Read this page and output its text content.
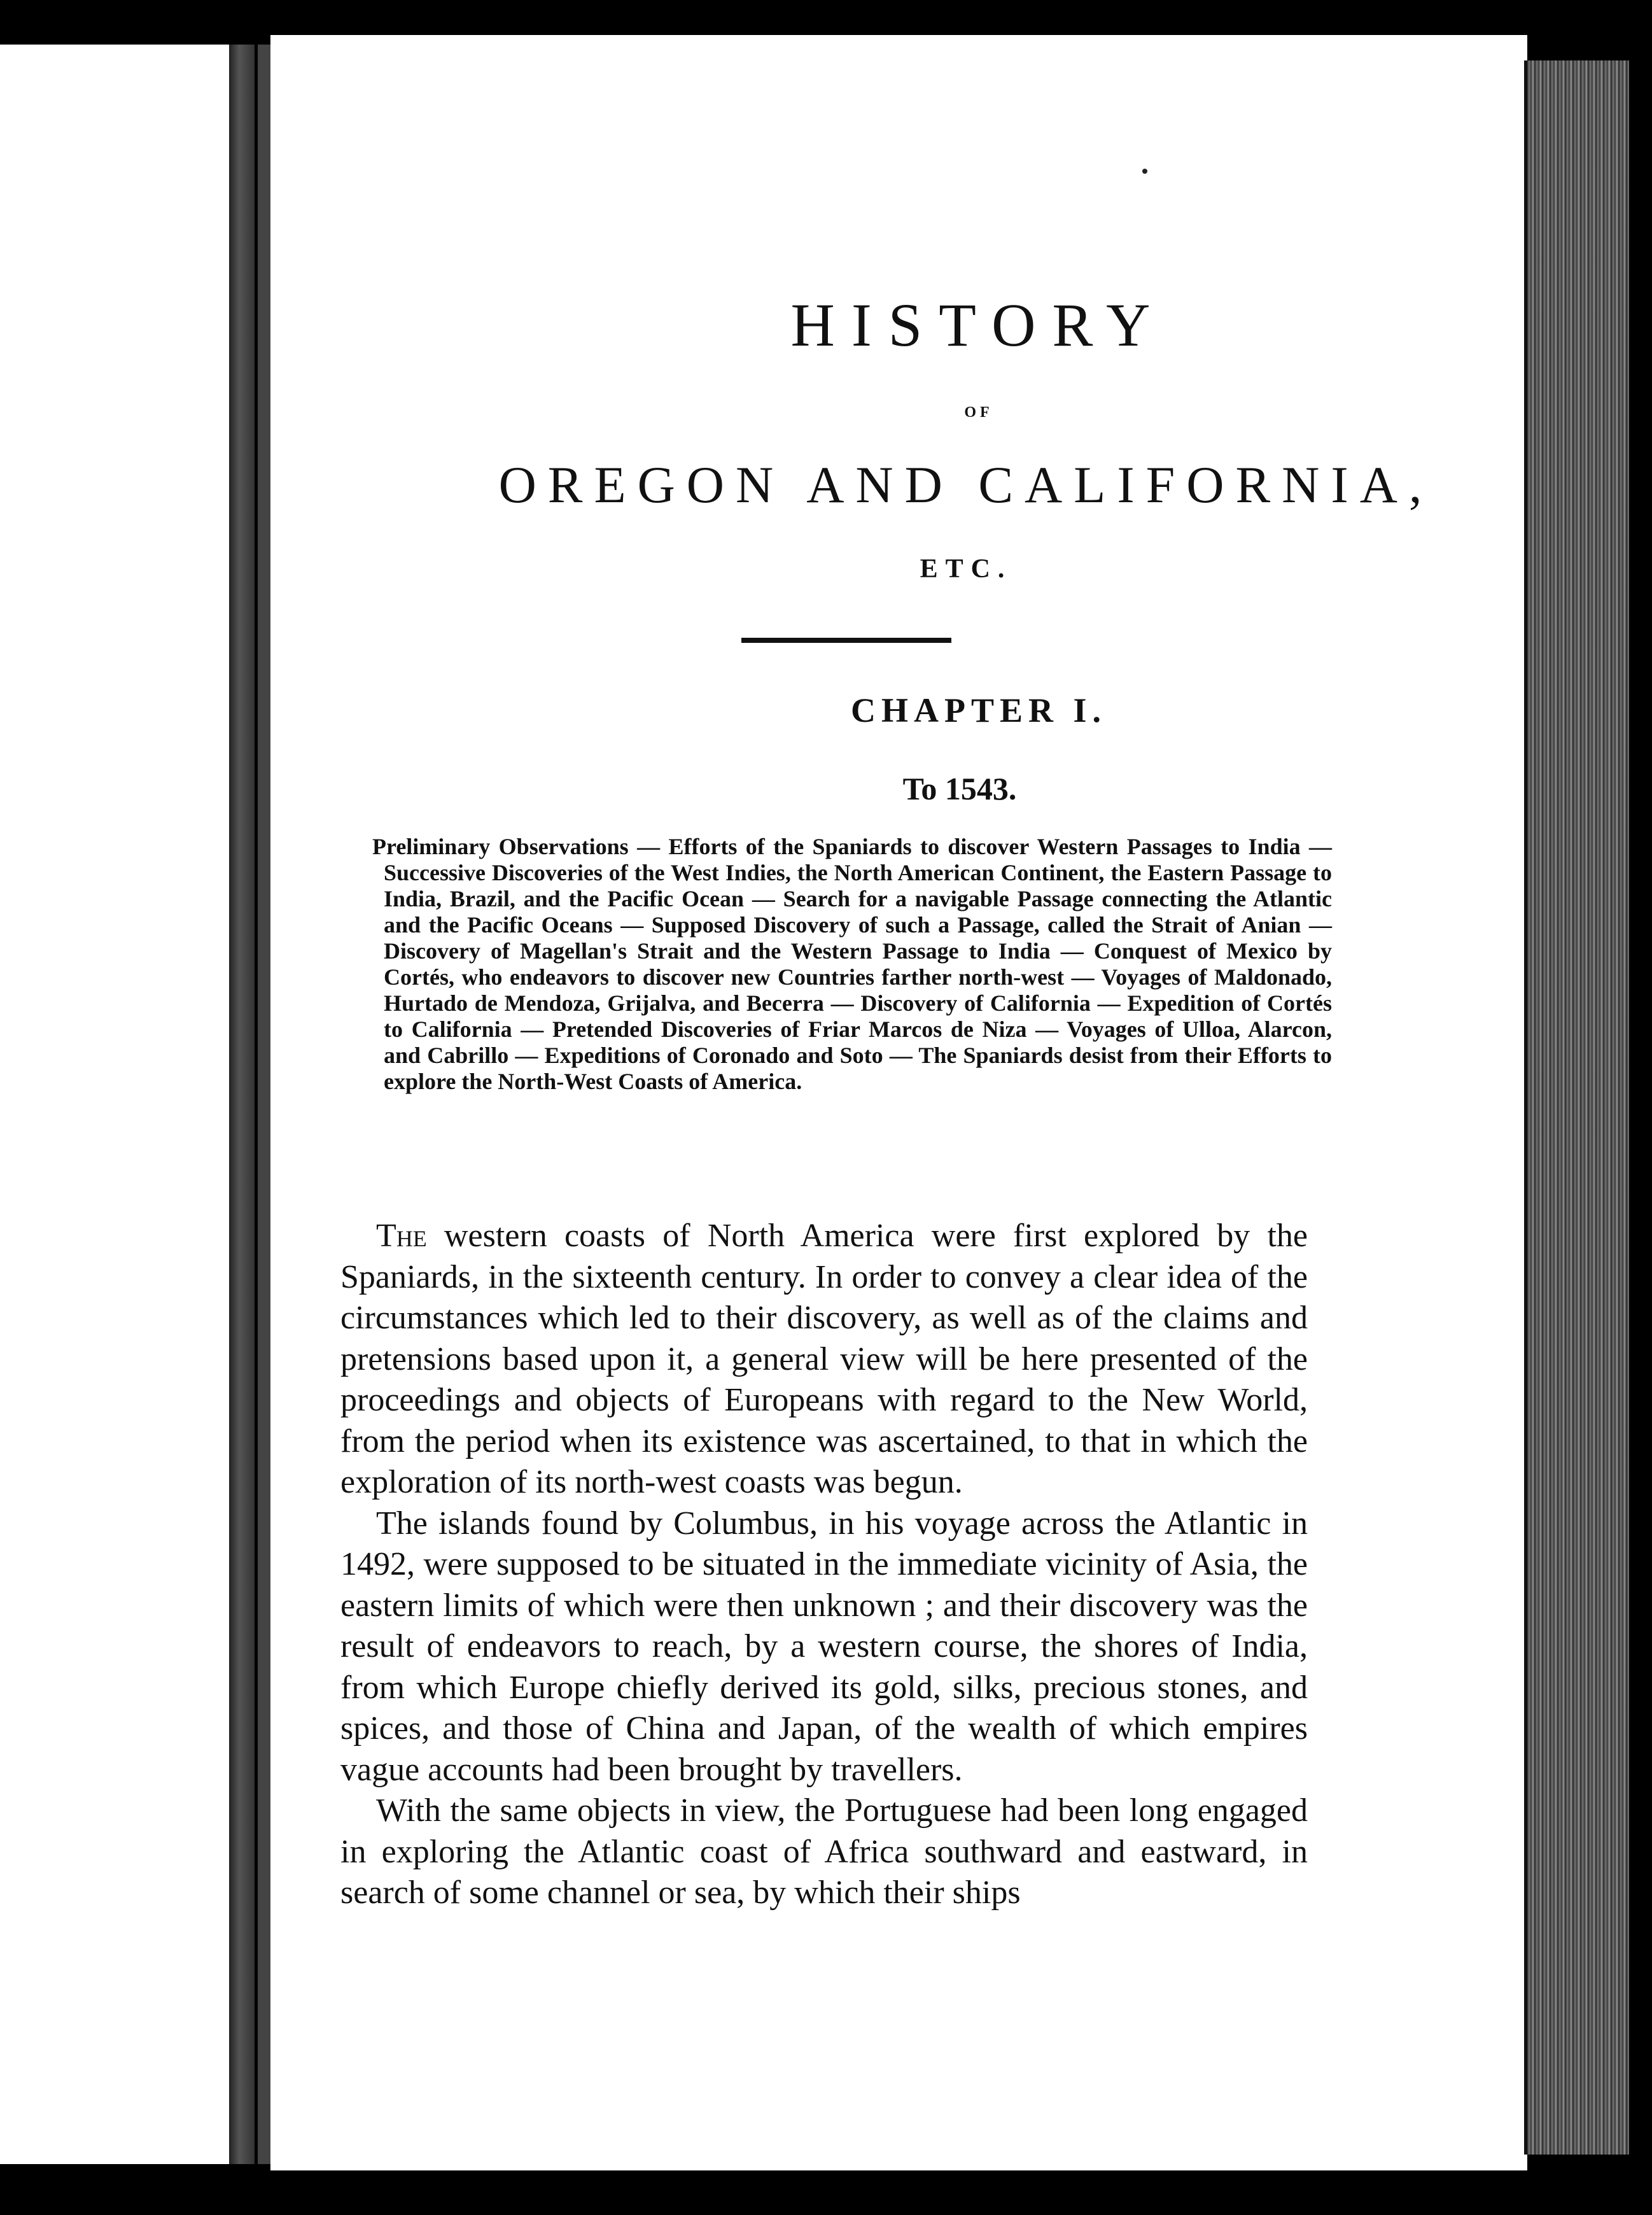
HISTORY
OF
OREGON AND CALIFORNIA,
ETC.
CHAPTER I.
To 1543.

Preliminary Observations — Efforts of the Spaniards to discover Western Passages to India — Successive Discoveries of the West Indies, the North American Continent, the Eastern Passage to India, Brazil, and the Pacific Ocean — Search for a navigable Passage connecting the Atlantic and the Pacific Oceans — Supposed Discovery of such a Passage, called the Strait of Anian — Discovery of Magellan's Strait and the Western Passage to India — Conquest of Mexico by Cortés, who endeavors to discover new Countries farther north-west — Voyages of Maldonado, Hurtado de Mendoza, Grijalva, and Becerra — Discovery of California — Expedition of Cortés to California — Pretended Discoveries of Friar Marcos de Niza — Voyages of Ulloa, Alarcon, and Cabrillo — Expeditions of Coronado and Soto — The Spaniards desist from their Efforts to explore the North-West Coasts of America.

The western coasts of North America were first explored by the Spaniards, in the sixteenth century. In order to convey a clear idea of the circumstances which led to their discovery, as well as of the claims and pretensions based upon it, a general view will be here presented of the proceedings and objects of Europeans with regard to the New World, from the period when its existence was ascertained, to that in which the exploration of its north-west coasts was begun.

The islands found by Columbus, in his voyage across the Atlantic in 1492, were supposed to be situated in the immediate vicinity of Asia, the eastern limits of which were then unknown ; and their discovery was the result of endeavors to reach, by a western course, the shores of India, from which Europe chiefly derived its gold, silks, precious stones, and spices, and those of China and Japan, of the wealth of which empires vague accounts had been brought by travellers.

With the same objects in view, the Portuguese had been long engaged in exploring the Atlantic coast of Africa southward and eastward, in search of some channel or sea, by which their ships
